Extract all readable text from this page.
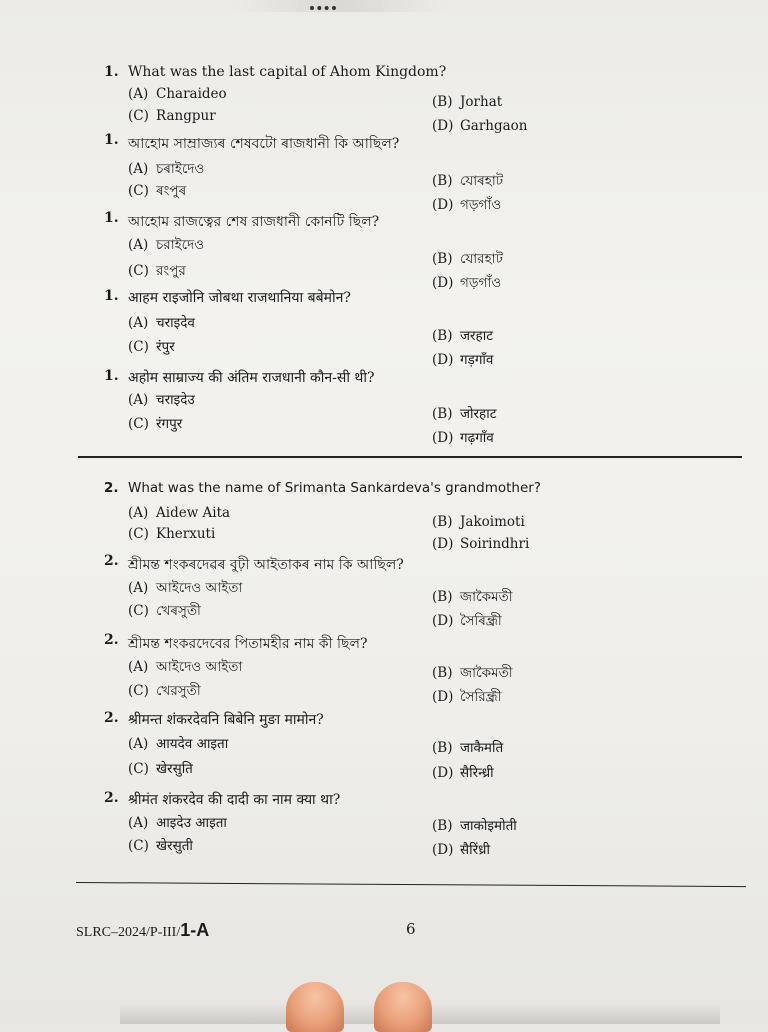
1. What was the last capital of Ahom Kingdom?
(A) Charaideo	(B) Jorhat
(C) Rangpur
(D) Garhgaon
1. আহোম সাম্ৰাজ্যৰ শেষবটো ৰাজধানী কি আছিল?
(A) চৰাইদেও
(B) যোৰহাট
(C) ৰংপুৰ
(D) গড়গাঁও
1. আহোম রাজত্বের শেষ রাজধানী কোনটি ছিল?
(A) চরাইদেও
(B) যোরহাট
(C) রংপুর
(D) গড়গাঁও
1. आहम राइजोनि जोबथा राजथानिया बबेमोन?
(A) चराइदेव
(B) जरहाट
(C) रंपुर
(D) गड़गाँव
1. अहोम साम्राज्य की अंतिम राजधानी कौन-सी थी?
(A) चराइदेउ
(B) जोरहाट
(C) रंगपुर
(D) गढ़गाँव
2. What was the name of Srimanta Sankardeva's grandmother?
(A) Aidew Aita
(B) Jakoimoti
(C) Kherxuti
(D) Soirindhri
2. শ্ৰীমন্ত শংকৰদেৱৰ বুঢ়ী আইতাকৰ নাম কি আছিল?
(A) আইদেও আইতা
(B) জাকৈমতী
(C) খেৰসুতী
(D) সৈৰিন্ধ্ৰী
2. শ্রীমন্ত শংকরদেবের পিতামহীর নাম কী ছিল?
(A) আইদেও আইতা	(B) জাকৈমতী
(C) খেরসুতী	(D) সৈরিন্ধ্রী
2. श्रीमन्त शंकरदेवनि बिबेनि मुङा मामोन?
(A) आयदेव आइता	(B) जाकैमति
(C) खेरसुति	(D) सैरिन्ध्री
2. श्रीमंत शंकरदेव की दादी का नाम क्या था?
(A) आइदेउ आइता	(B) जाकोइमोती
(C) खेरसुती	(D) सैरिंध्री
SLRC–2024/P-III/1-A	6
